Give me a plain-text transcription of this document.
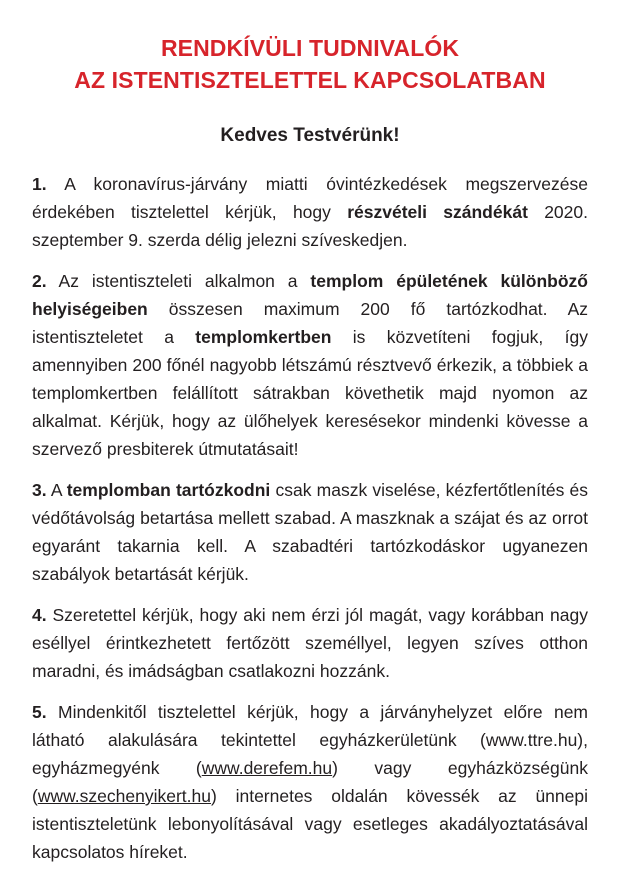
RENDKÍVÜLI TUDNIVALÓK
AZ ISTENTISZTELETTEL KAPCSOLATBAN

Kedves Testvérünk!

1. A koronavírus-járvány miatti óvintézkedések megszervezése érdekében tisztelettel kérjük, hogy részvételi szándékát 2020. szeptember 9. szerda délig jelezni szíveskedjen.

2. Az istentiszteleti alkalmon a templom épületének különböző helyiségeiben összesen maximum 200 fő tartózkodhat. Az istentiszteletet a templomkertben is közvetíteni fogjuk, így amennyiben 200 főnél nagyobb létszámú résztvevő érkezik, a többiek a templomkertben felállított sátrakban követhetik majd nyomon az alkalmat. Kérjük, hogy az ülőhelyek keresésekor mindenki kövesse a szervező presbiterek útmutatásait!

3. A templomban tartózkodni csak maszk viselése, kézfertőtlenítés és védőtávolság betartása mellett szabad. A maszknak a szájat és az orrot egyaránt takarnia kell. A szabadtéri tartózkodáskor ugyanezen szabályok betartását kérjük.

4. Szeretettel kérjük, hogy aki nem érzi jól magát, vagy korábban nagy eséllyel érintkezhetett fertőzött személlyel, legyen szíves otthon maradni, és imádságban csatlakozni hozzánk.

5. Mindenkitől tisztelettel kérjük, hogy a járványhelyzet előre nem látható alakulására tekintettel egyházkerületünk (www.ttre.hu), egyházmegyénk (www.derefem.hu) vagy egyházközségünk (www.szechenyikert.hu) internetes oldalán kövessék az ünnepi istentiszteletünk lebonyolításával vagy esetleges akadályoztatásával kapcsolatos híreket.
